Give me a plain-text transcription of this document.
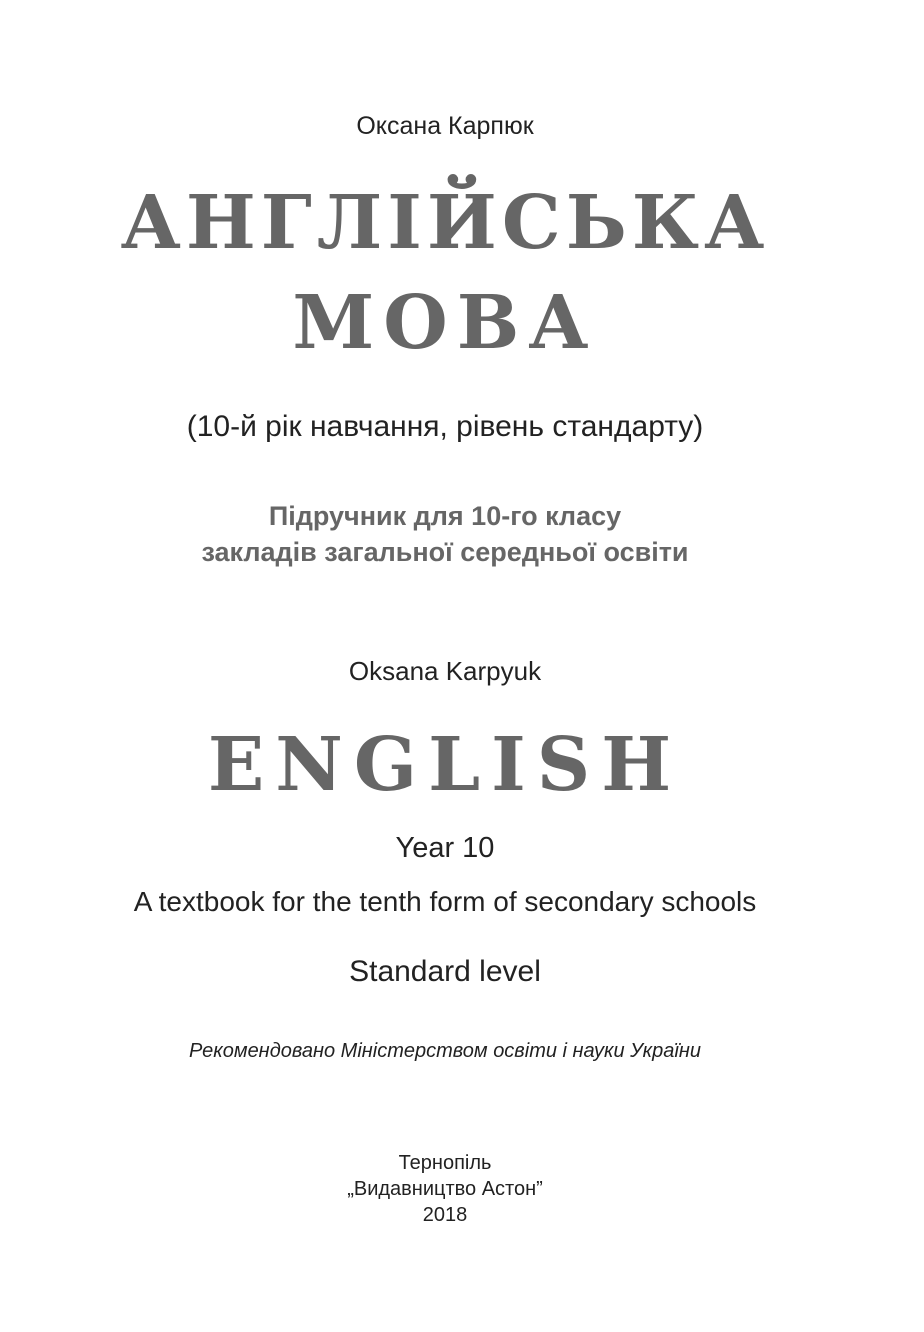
Оксана Карпюк
АНГЛІЙСЬКА
МОВА
(10-й рік навчання, рівень стандарту)
Підручник для 10-го класу
закладів загальної середньої освіти
Oksana Karpyuk
ENGLISH
Year 10
A textbook for the tenth form of secondary schools
Standard level
Рекомендовано Міністерством освіти і науки України
Тернопіль
„Видавництво Астон”
2018
